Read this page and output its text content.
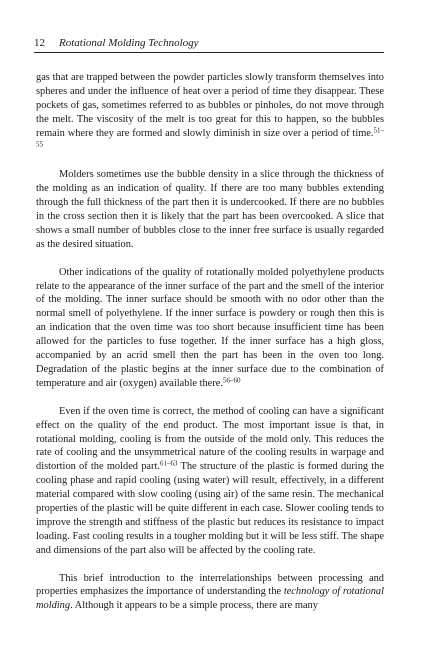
12 Rotational Molding Technology

gas that are trapped between the powder particles slowly transform themselves into spheres and under the influence of heat over a period of time they disappear. These pockets of gas, sometimes referred to as bubbles or pinholes, do not move through the melt. The viscosity of the melt is too great for this to happen, so the bubbles remain where they are formed and slowly diminish in size over a period of time.$^{51-55}$

Molders sometimes use the bubble density in a slice through the thickness of the molding as an indication of quality. If there are too many bubbles extending through the full thickness of the part then it is undercooked. If there are no bubbles in the cross section then it is likely that the part has been overcooked. A slice that shows a small number of bubbles close to the inner free surface is usually regarded as the desired situation.

Other indications of the quality of rotationally molded polyethylene products relate to the appearance of the inner surface of the part and the smell of the interior of the molding. The inner surface should be smooth with no odor other than the normal smell of polyethylene. If the inner surface is powdery or rough then this is an indication that the oven time was too short because insufficient time has been allowed for the particles to fuse together. If the inner surface has a high gloss, accompanied by an acrid smell then the part has been in the oven too long. Degradation of the plastic begins at the inner surface due to the combination of temperature and air (oxygen) available there.$^{56-60}$

Even if the oven time is correct, the method of cooling can have a significant effect on the quality of the end product. The most important issue is that, in rotational molding, cooling is from the outside of the mold only. This reduces the rate of cooling and the unsymmetrical nature of the cooling results in warpage and distortion of the molded part.$^{61-63}$ The structure of the plastic is formed during the cooling phase and rapid cooling (using water) will result, effectively, in a different material compared with slow cooling (using air) of the same resin. The mechanical properties of the plastic will be quite different in each case. Slower cooling tends to improve the strength and stiffness of the plastic but reduces its resistance to impact loading. Fast cooling results in a tougher molding but it will be less stiff. The shape and dimensions of the part also will be affected by the cooling rate.

This brief introduction to the interrelationships between processing and properties emphasizes the importance of understanding the technology of rotational molding. Although it appears to be a simple process, there are many
